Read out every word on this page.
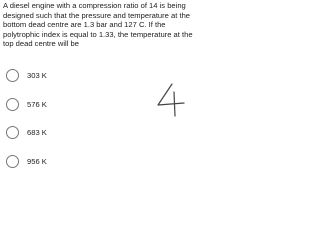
A diesel engine with a compression ratio of 14 is being designed such that the pressure and temperature at the bottom dead centre are 1.3 bar and 127 C. If the polytrophic index is equal to 1.33, the temperature at the top dead centre will be

303 K
576 K
683 K
956 K
